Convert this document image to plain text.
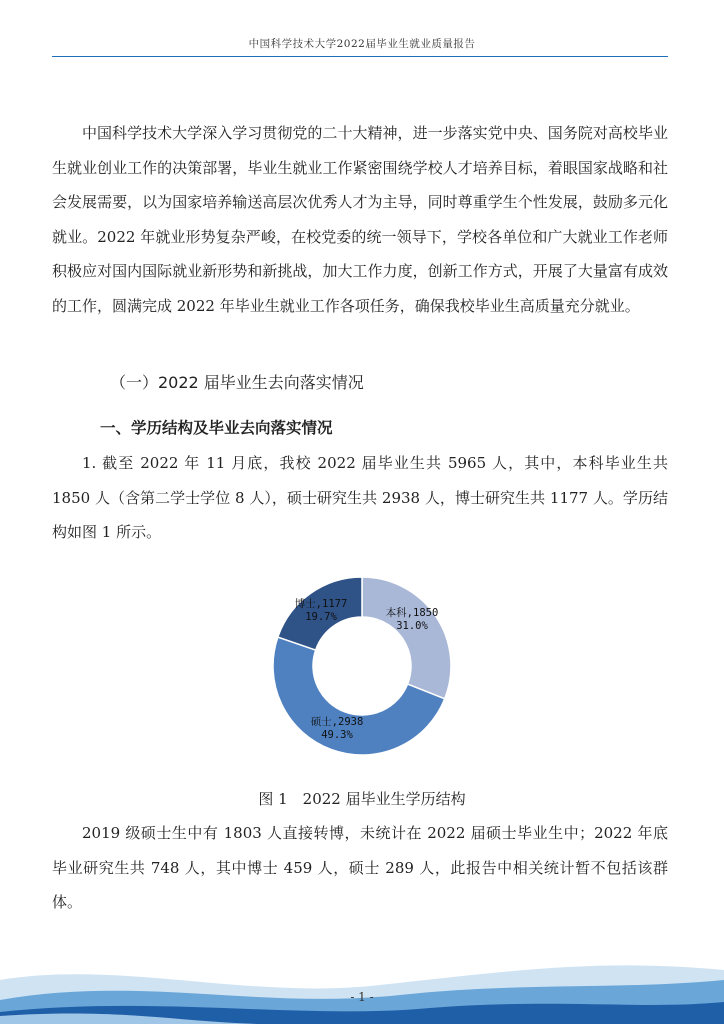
中国科学技术大学2022届毕业生就业质量报告

中国科学技术大学深入学习贯彻党的二十大精神，进一步落实党中央、国务院对高校毕业生就业创业工作的决策部署，毕业生就业工作紧密围绕学校人才培养目标，着眼国家战略和社会发展需要，以为国家培养输送高层次优秀人才为主导，同时尊重学生个性发展，鼓励多元化就业。2022 年就业形势复杂严峻，在校党委的统一领导下，学校各单位和广大就业工作老师积极应对国内国际就业新形势和新挑战，加大工作力度，创新工作方式，开展了大量富有成效的工作，圆满完成 2022 年毕业生就业工作各项任务，确保我校毕业生高质量充分就业。

（一）2022 届毕业生去向落实情况
一、学历结构及毕业去向落实情况

1. 截至 2022 年 11 月底，我校 2022 届毕业生共 5965 人，其中，本科毕业生共 1850 人（含第二学士学位 8 人），硕士研究生共 2938 人，博士研究生共 1177 人。学历结构如图 1 所示。

本科,1850
31.0%
硕士,2938
49.3%
博士,1177
19.7%
图 1　2022 届毕业生学历结构

2019 级硕士生中有 1803 人直接转博，未统计在 2022 届硕士毕业生中；2022 年底毕业研究生共 748 人，其中博士 459 人，硕士 289 人，此报告中相关统计暂不包括该群体。

- 1 -
